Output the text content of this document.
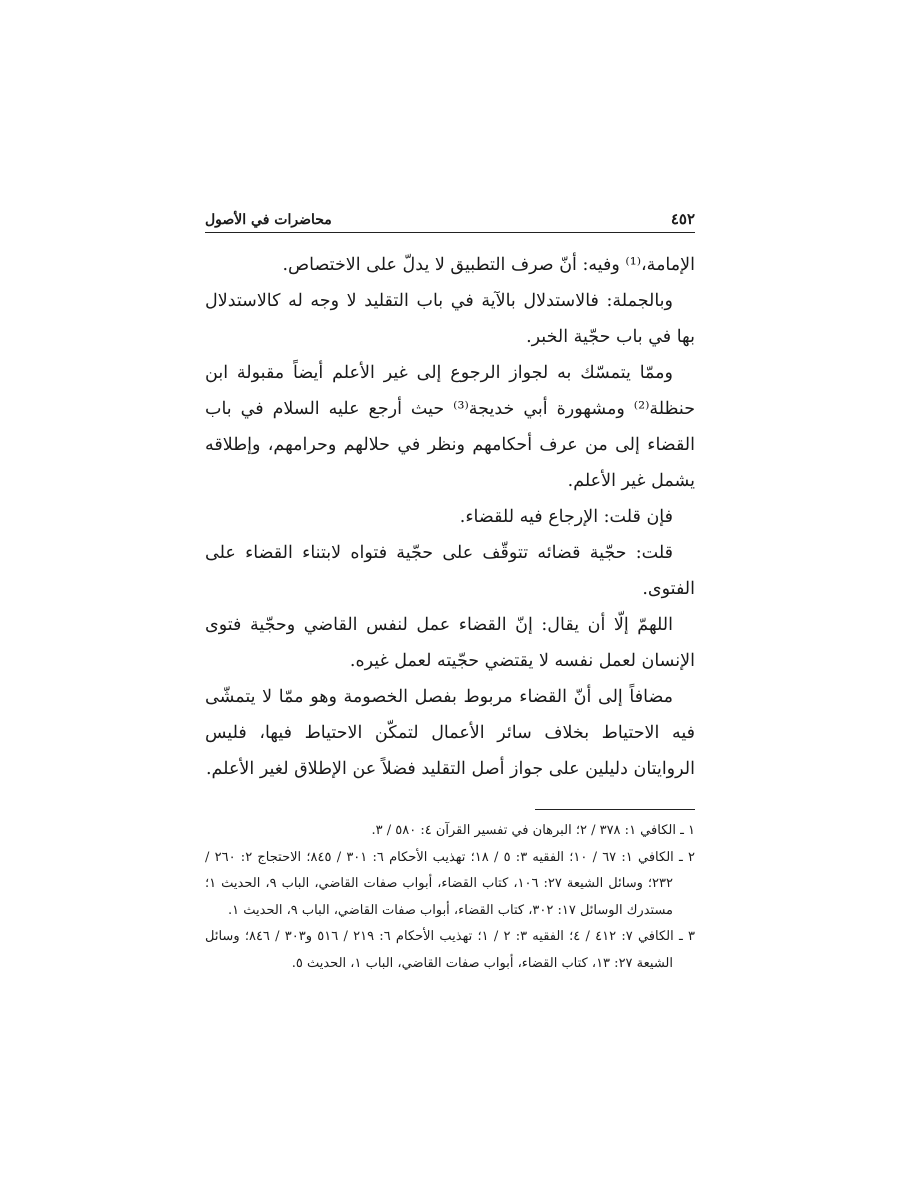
٤٥٢
محاضرات في الأصول

الإمامة،⁽¹⁾ وفيه: أنّ صرف التطبيق لا يدلّ على الاختصاص.

وبالجملة: فالاستدلال بالآية في باب التقليد لا وجه له كالاستدلال بها في باب حجّية الخبر.

وممّا يتمسّك به لجواز الرجوع إلى غير الأعلم أيضاً مقبولة ابن حنظلة⁽²⁾ ومشهورة أبي خديجة⁽³⁾ حيث أرجع عليه السلام في باب القضاء إلى من عرف أحكامهم ونظر في حلالهم وحرامهم، وإطلاقه يشمل غير الأعلم.

فإن قلت: الإرجاع فيه للقضاء.

قلت: حجّية قضائه تتوقّف على حجّية فتواه لابتناء القضاء على الفتوى.

اللهمّ إلّا أن يقال: إنّ القضاء عمل لنفس القاضي وحجّية فتوى الإنسان لعمل نفسه لا يقتضي حجّيته لعمل غيره.

مضافاً إلى أنّ القضاء مربوط بفصل الخصومة وهو ممّا لا يتمشّى فيه الاحتياط بخلاف سائر الأعمال لتمكّن الاحتياط فيها، فليس الروايتان دليلين على جواز أصل التقليد فضلاً عن الإطلاق لغير الأعلم.

١ ـ الكافي ١: ٣٧٨ / ٢؛ البرهان في تفسير القرآن ٤: ٥٨٠ / ٣.

٢ ـ الكافي ١: ٦٧ / ١٠؛ الفقيه ٣: ٥ / ١٨؛ تهذيب الأحكام ٦: ٣٠١ / ٨٤٥؛ الاحتجاج ٢: ٢٦٠ / ٢٣٢؛ وسائل الشيعة ٢٧: ١٠٦، كتاب القضاء، أبواب صفات القاضي، الباب ٩، الحديث ١؛ مستدرك الوسائل ١٧: ٣٠٢، كتاب القضاء، أبواب صفات القاضي، الباب ٩، الحديث ١.

٣ ـ الكافي ٧: ٤١٢ / ٤؛ الفقيه ٣: ٢ / ١؛ تهذيب الأحكام ٦: ٢١٩ / ٥١٦ و٣٠٣ / ٨٤٦؛ وسائل الشيعة ٢٧: ١٣، كتاب القضاء، أبواب صفات القاضي، الباب ١، الحديث ٥.
